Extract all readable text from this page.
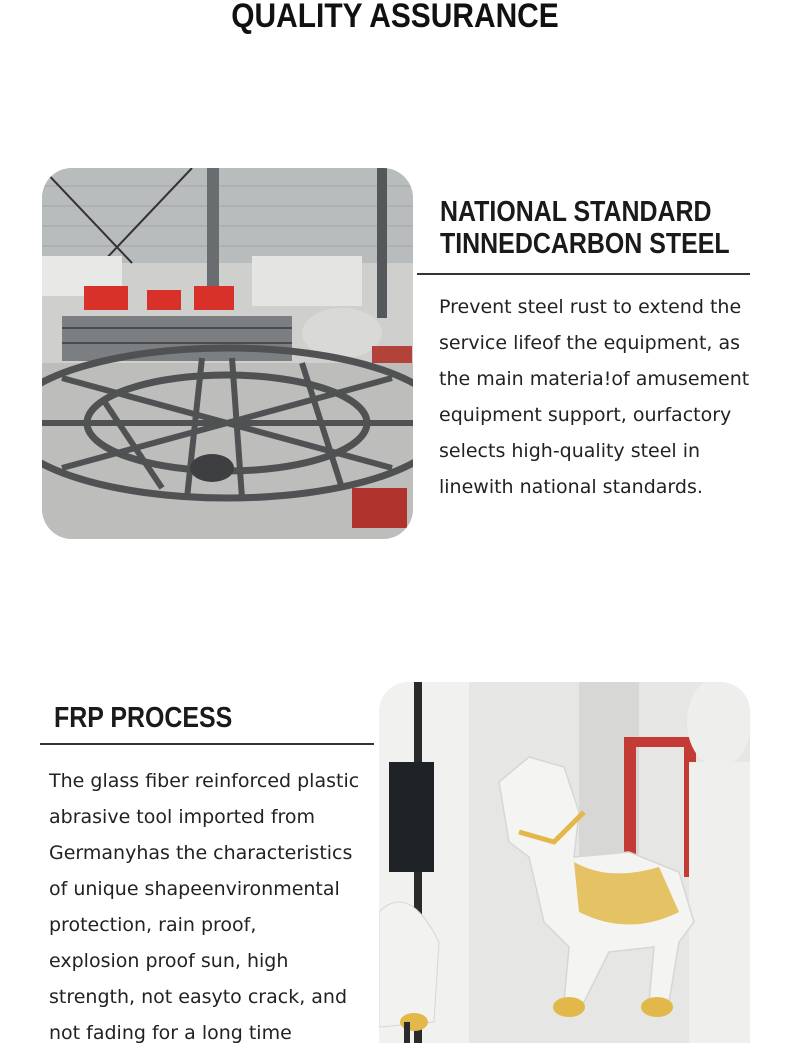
QUALITY ASSURANCE
NATIONAL STANDARD
TINNEDCARBON STEEL
Prevent steel rust to extend the
service lifeof the equipment, as
the main materia!of amusement
equipment support, ourfactory
selects high-quality steel in
linewith national standards.
FRP PROCESS
The glass fiber reinforced plastic
abrasive tool imported from
Germanyhas the characteristics
of unique shapeenvironmental
protection, rain proof,
explosion proof sun, high
strength, not easyto crack, and
not fading for a long time
